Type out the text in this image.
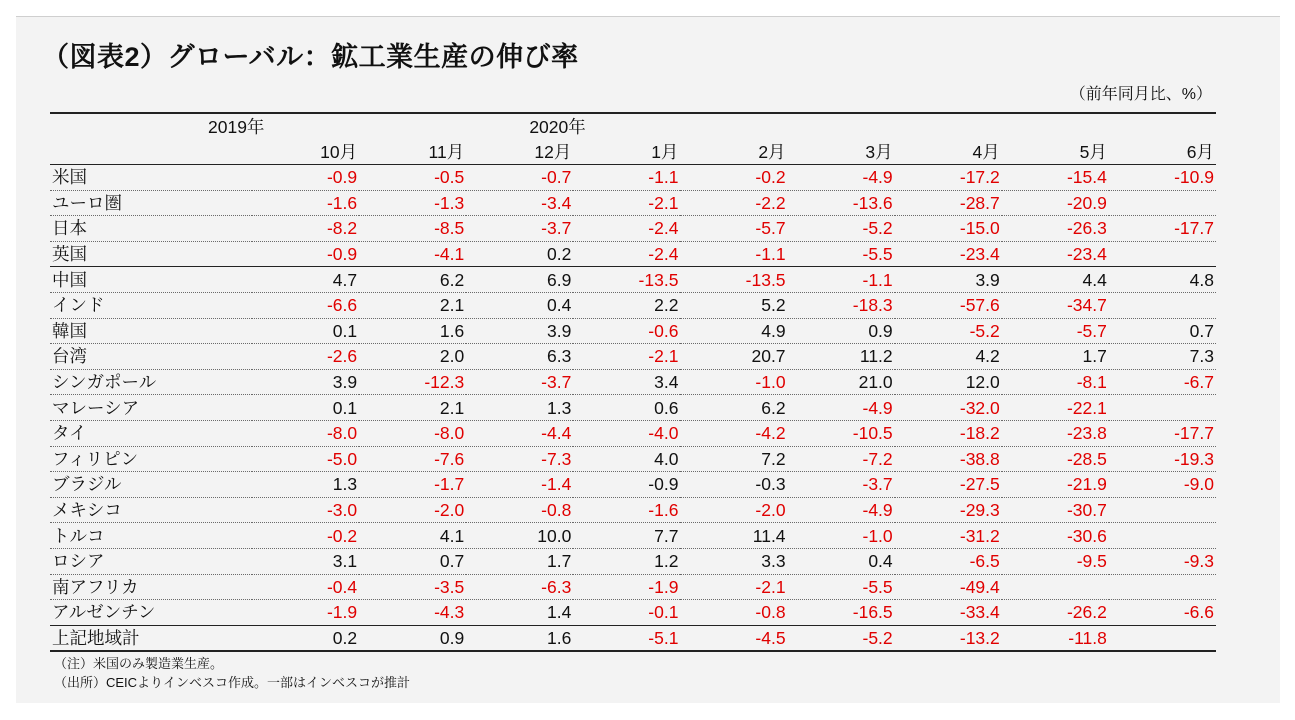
（図表2）グローバル：鉱工業生産の伸び率
（前年同月比、%）
	2019年			2020年					
	10月	11月	12月	1月	2月	3月	4月	5月	6月
米国	-0.9	-0.5	-0.7	-1.1	-0.2	-4.9	-17.2	-15.4	-10.9
ユーロ圏	-1.6	-1.3	-3.4	-2.1	-2.2	-13.6	-28.7	-20.9	
日本	-8.2	-8.5	-3.7	-2.4	-5.7	-5.2	-15.0	-26.3	-17.7
英国	-0.9	-4.1	0.2	-2.4	-1.1	-5.5	-23.4	-23.4	
中国	4.7	6.2	6.9	-13.5	-13.5	-1.1	3.9	4.4	4.8
インド	-6.6	2.1	0.4	2.2	5.2	-18.3	-57.6	-34.7	
韓国	0.1	1.6	3.9	-0.6	4.9	0.9	-5.2	-5.7	0.7
台湾	-2.6	2.0	6.3	-2.1	20.7	11.2	4.2	1.7	7.3
シンガポール	3.9	-12.3	-3.7	3.4	-1.0	21.0	12.0	-8.1	-6.7
マレーシア	0.1	2.1	1.3	0.6	6.2	-4.9	-32.0	-22.1	
タイ	-8.0	-8.0	-4.4	-4.0	-4.2	-10.5	-18.2	-23.8	-17.7
フィリピン	-5.0	-7.6	-7.3	4.0	7.2	-7.2	-38.8	-28.5	-19.3
ブラジル	1.3	-1.7	-1.4	-0.9	-0.3	-3.7	-27.5	-21.9	-9.0
メキシコ	-3.0	-2.0	-0.8	-1.6	-2.0	-4.9	-29.3	-30.7	
トルコ	-0.2	4.1	10.0	7.7	11.4	-1.0	-31.2	-30.6	
ロシア	3.1	0.7	1.7	1.2	3.3	0.4	-6.5	-9.5	-9.3
南アフリカ	-0.4	-3.5	-6.3	-1.9	-2.1	-5.5	-49.4		
アルゼンチン	-1.9	-4.3	1.4	-0.1	-0.8	-16.5	-33.4	-26.2	-6.6
上記地域計	0.2	0.9	1.6	-5.1	-4.5	-5.2	-13.2	-11.8	
（注）米国のみ製造業生産。
（出所）CEICよりインベスコ作成。一部はインベスコが推計
